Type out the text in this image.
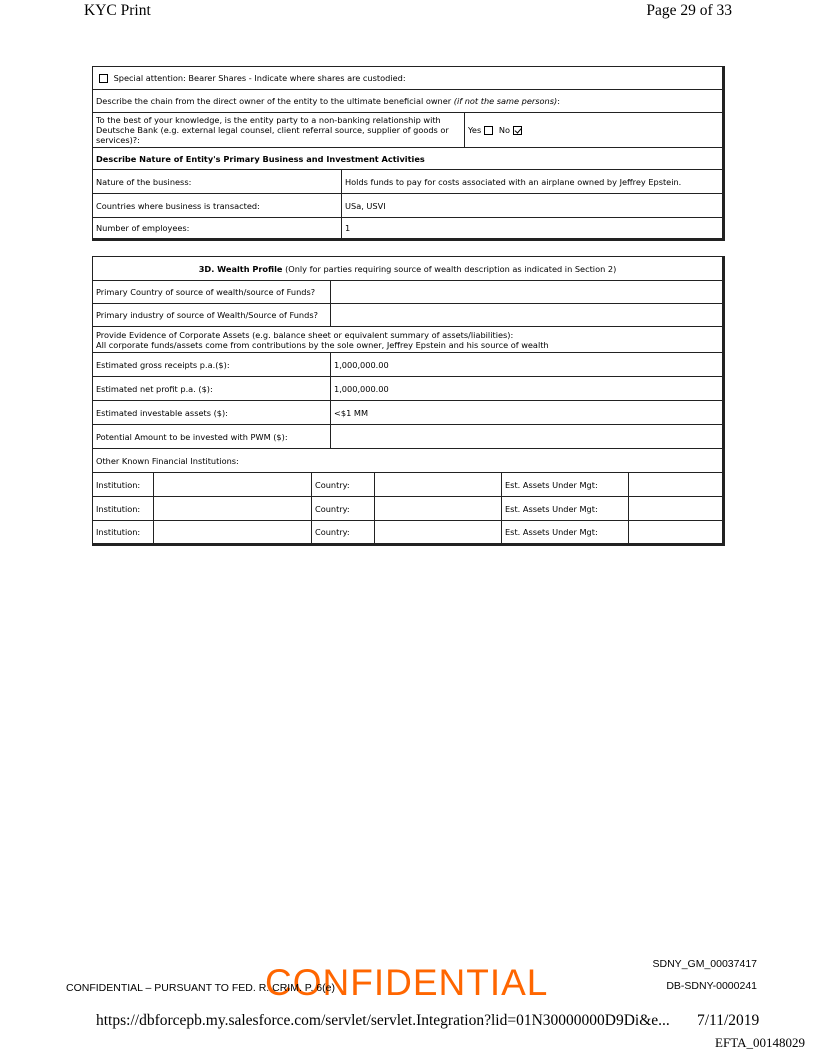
KYC Print	Page 29 of 33
Special attention: Bearer Shares - Indicate where shares are custodied:		
Describe the chain from the direct owner of the entity to the ultimate beneficial owner (if not the same persons):		
To the best of your knowledge, is the entity party to a non-banking relationship with Deutsche Bank (e.g. external legal counsel, client referral source, supplier of goods or services)?:		Yes No
Describe Nature of Entity's Primary Business and Investment Activities		
Nature of the business:	Holds funds to pay for costs associated with an airplane owned by Jeffrey Epstein.	
Countries where business is transacted:	USa, USVI	
Number of employees:	1	
3D. Wealth Profile (Only for parties requiring source of wealth description as indicated in Section 2)						
Primary Country of source of wealth/source of Funds?						
Primary industry of source of Wealth/Source of Funds?						

Provide Evidence of Corporate Assets (e.g. balance sheet or equivalent summary of assets/liabilities):
All corporate funds/assets come from contributions by the sole owner, Jeffrey Epstein and his source of wealth						

Estimated gross receipts p.a.($):			1,000,000.00			
Estimated net profit p.a. ($):			1,000,000.00			
Estimated investable assets ($):			<$1 MM			
Potential Amount to be invested with PWM ($):						
Other Known Financial Institutions:						
Institution:		Country:			Est. Assets Under Mgt:	
Institution:		Country:			Est. Assets Under Mgt:	
Institution:		Country:			Est. Assets Under Mgt:	
SDNY_GM_00037417
DB-SDNY-0000241
CONFIDENTIAL
CONFIDENTIAL – PURSUANT TO FED. R. CRIM. P. 6(e)
https://dbforcepb.my.salesforce.com/servlet/servlet.Integration?lid=01N30000000D9Di&e... 7/11/2019
EFTA_00148029
